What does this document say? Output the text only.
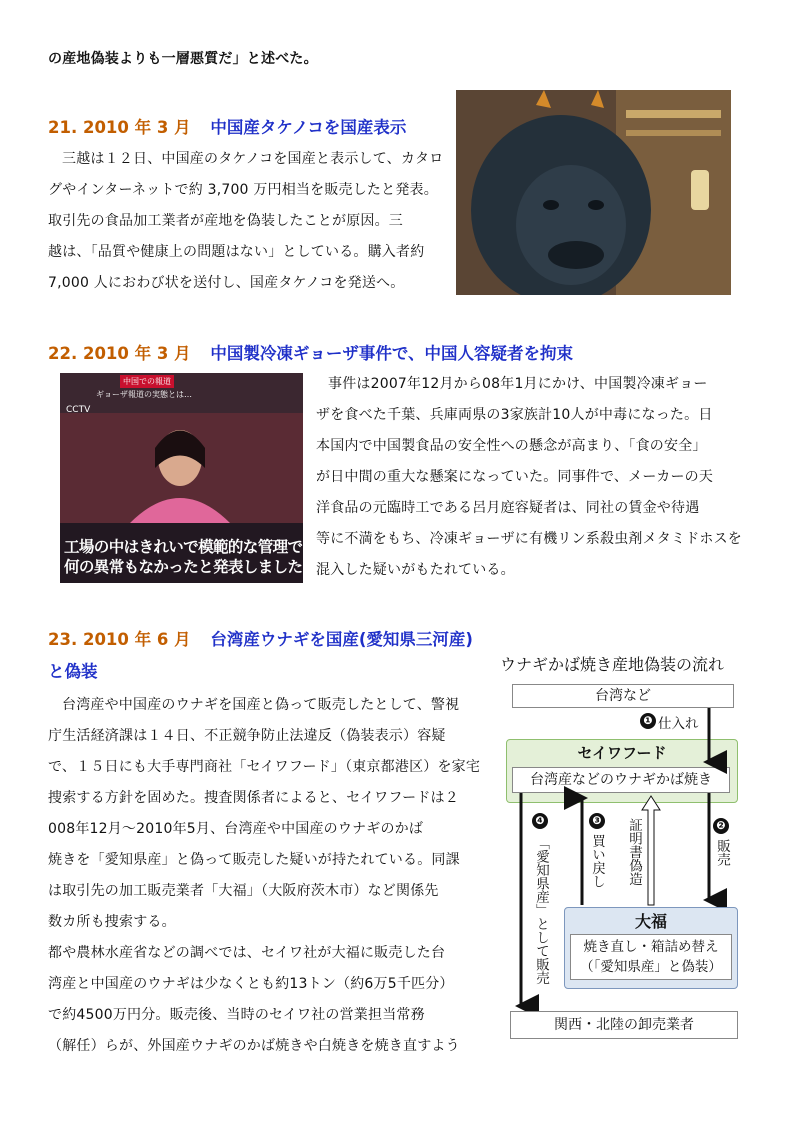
の産地偽装よりも一層悪質だ」と述べた。
21. 2010 年 3 月 中国産タケノコを国産表示

三越は１２日、中国産のタケノコを国産と表示して、カタロ

グやインターネットで約 3,700 万円相当を販売したと発表。

取引先の食品加工業者が産地を偽装したことが原因。三

越は、「品質や健康上の問題はない」としている。購入者約

7,000 人におわび状を送付し、国産タケノコを発送へ。

22. 2010 年 3 月 中国製冷凍ギョーザ事件で、中国人容疑者を拘束
中国での報道
ギョーザ報道の実態とは…
CCTV
工場の中はきれいで模範的な管理で
何の異常もなかったと発表しました

事件は2007年12月から08年1月にかけ、中国製冷凍ギョー

ザを食べた千葉、兵庫両県の3家族計10人が中毒になった。日

本国内で中国製食品の安全性への懸念が高まり、「食の安全」

が日中間の重大な懸案になっていた。同事件で、メーカーの天

洋食品の元臨時工である呂月庭容疑者は、同社の賃金や待遇

等に不満をもち、冷凍ギョーザに有機リン系殺虫剤メタミドホスを

混入した疑いがもたれている。

23. 2010 年 6 月 台湾産ウナギを国産(愛知県三河産)
と偽装

台湾産や中国産のウナギを国産と偽って販売したとして、警視

庁生活経済課は１４日、不正競争防止法違反（偽装表示）容疑

で、１５日にも大手専門商社「セイワフード」（東京都港区）を家宅

捜索する方針を固めた。捜査関係者によると、セイワフードは２

008年12月～2010年5月、台湾産や中国産のウナギのかば

焼きを「愛知県産」と偽って販売した疑いが持たれている。同課

は取引先の加工販売業者「大福」（大阪府茨木市）など関係先

数カ所も捜索する。

都や農林水産省などの調べでは、セイワ社が大福に販売した台

湾産と中国産のウナギは少なくとも約13トン（約6万5千匹分）

で約4500万円分。販売後、当時のセイワ社の営業担当常務

（解任）らが、外国産ウナギのかば焼きや白焼きを焼き直すよう

ウナギかば焼き産地偽装の流れ
台湾など
❶ 仕入れ
セイワフード
台湾産などのウナギかば焼き
❹
「愛知県産」として販売
❸
買い戻し 証明書偽造	❷
販売
大福
焼き直し・箱詰め替え
（「愛知県産」と偽装）
関西・北陸の卸売業者
